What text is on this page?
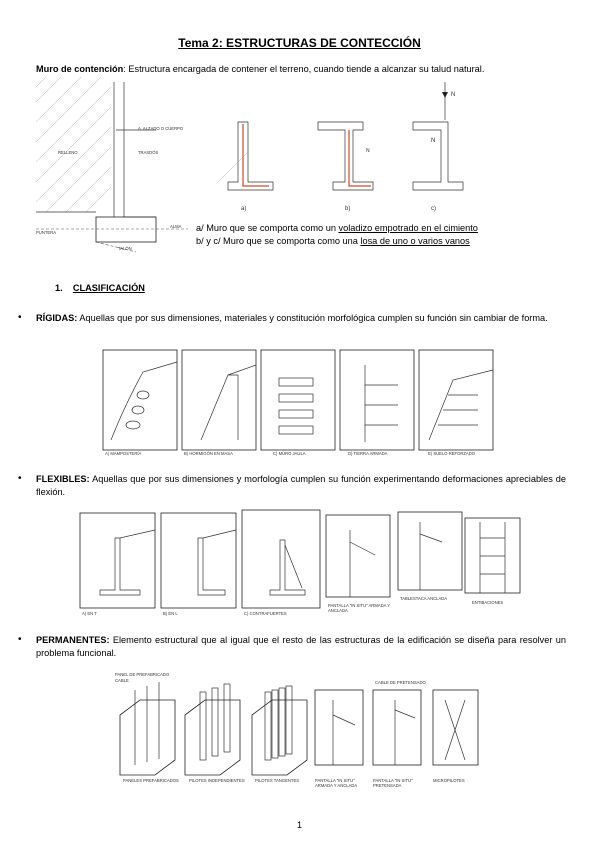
Tema 2: ESTRUCTURAS DE CONTECCIÓN
Muro de contención: Estructura encargada de contener el terreno, cuando tiende a alcanzar su talud natural.
A. ALZADO O CUERPO
RELLENO	TRASDÓS
PUNTERA
ALMA
TALÓN
a)
N
b)
N
N
c)
a/ Muro que se comporta como un voladizo empotrado en el cimiento
b/ y c/ Muro que se comporta como una losa de uno o varios vanos
1. CLASIFICACIÓN
• RÍGIDAS: Aquellas que por sus dimensiones, materiales y constitución morfológica cumplen su función sin cambiar de forma.
A) MAMPOSTERÍA	B) HORMIGÓN EN MASA	C) MURO JAULA	D) TIERRA ARMADA	E) SUELO REFORZADO
• FLEXIBLES: Aquellas que por sus dimensiones y morfología cumplen su función experimentando deformaciones apreciables de flexión.
A) EN T	B) EN L	C) CONTRAFUERTES
PANTALLA "IN SITU" ARMADA Y ANCLADA
TABLESTACA ANCLADA
ENTIBACIONES
• PERMANENTES: Elemento estructural que al igual que el resto de las estructuras de la edificación se diseña para resolver un problema funcional.
PANEL DE PREFABRICADO
CABLE	CABLE DE PRETENSADO
PANELES PREFABRICADOS PILOTES INDEPENDIENTES PILOTES TANGENTES	PANTALLA "IN SITU" ARMADA Y ANCLADA
PANTALLA "IN SITU" PRETENSADA
MICROPILOTES
1
